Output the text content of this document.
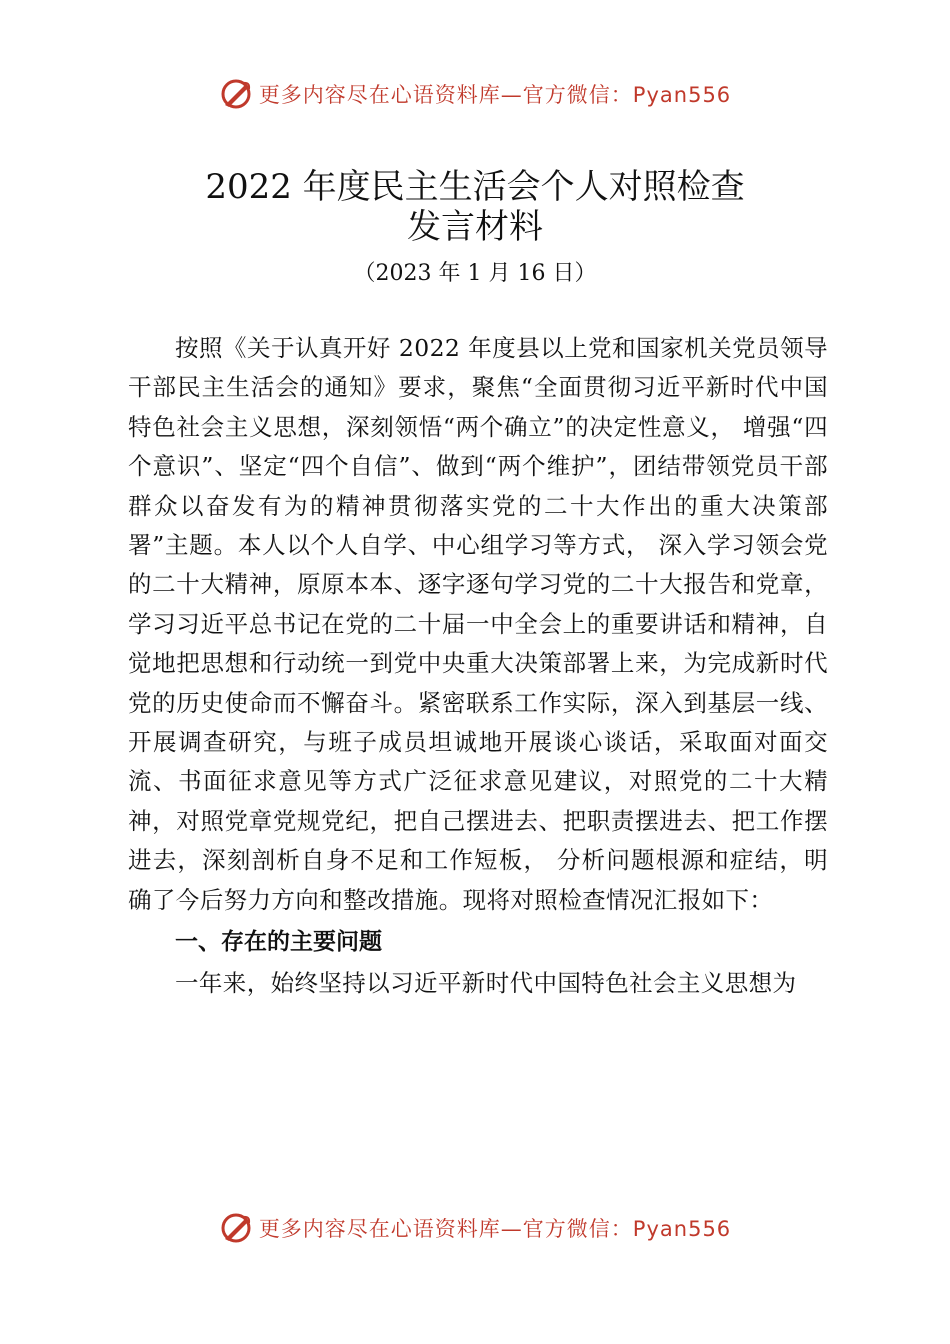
更多内容尽在心语资料库—官方微信：Pyan556
2022 年度民主生活会个人对照检查
发言材料
（2023 年 1 月 16 日）

按照《关于认真开好 2022 年度县以上党和国家机关党员领导干部民主生活会的通知》要求，聚焦“全面贯彻习近平新时代中国特色社会主义思想，深刻领悟“两个确立”的决定性意义， 增强“四个意识”、坚定“四个自信”、做到“两个维护”，团结带领党员干部群众以奋发有为的精神贯彻落实党的二十大作出的重大决策部署”主题。本人以个人自学、中心组学习等方式， 深入学习领会党的二十大精神，原原本本、逐字逐句学习党的二十大报告和党章，学习习近平总书记在党的二十届一中全会上的重要讲话和精神，自觉地把思想和行动统一到党中央重大决策部署上来，为完成新时代党的历史使命而不懈奋斗。紧密联系工作实际，深入到基层一线、开展调查研究，与班子成员坦诚地开展谈心谈话，采取面对面交流、书面征求意见等方式广泛征求意见建议，对照党的二十大精神，对照党章党规党纪，把自己摆进去、把职责摆进去、把工作摆进去，深刻剖析自身不足和工作短板， 分析问题根源和症结，明确了今后努力方向和整改措施。现将对照检查情况汇报如下：

一、存在的主要问题

一年来，始终坚持以习近平新时代中国特色社会主义思想为

更多内容尽在心语资料库—官方微信：Pyan556
